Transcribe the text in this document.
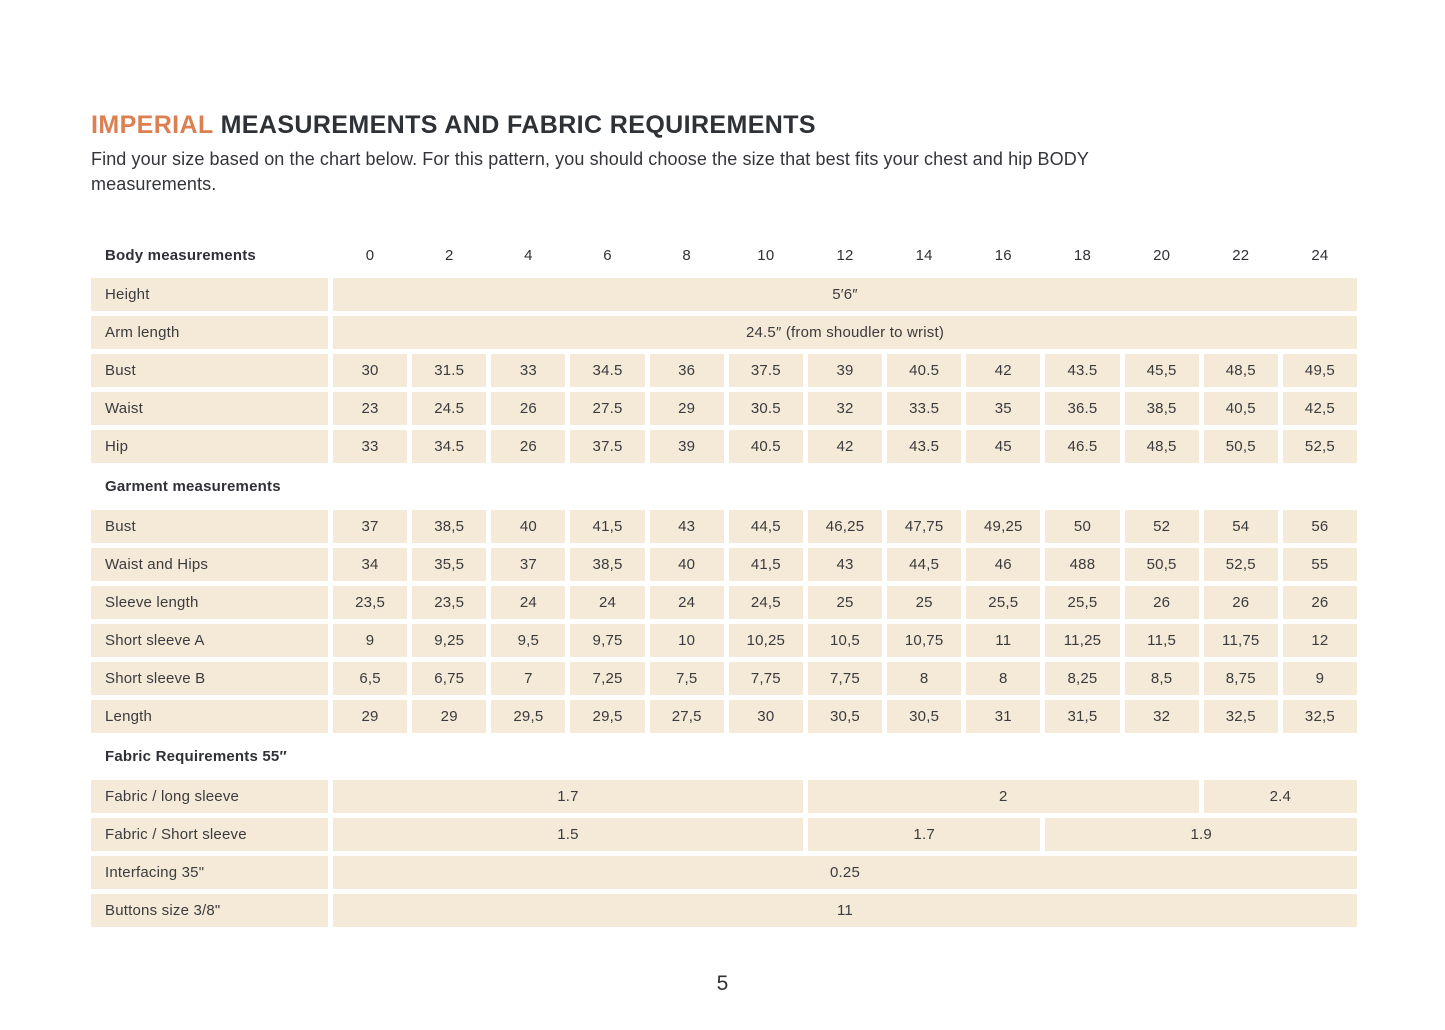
IMPERIAL MEASUREMENTS AND FABRIC REQUIREMENTS

Find your size based on the chart below. For this pattern, you should choose the size that best fits your chest and hip BODY
measurements.

Body measurements	0	2	4	6	8	10	12	14	16	18	20	22	24
Height	5′6″
Arm length	24.5″ (from shoudler to wrist)
Bust	30	31.5	33	34.5	36	37.5	39	40.5	42	43.5	45,5	48,5	49,5
Waist	23	24.5	26	27.5	29	30.5	32	33.5	35	36.5	38,5	40,5	42,5
Hip	33	34.5	26	37.5	39	40.5	42	43.5	45	46.5	48,5	50,5	52,5
Garment measurements
Bust	37	38,5	40	41,5	43	44,5	46,25	47,75	49,25	50	52	54	56
Waist and Hips	34	35,5	37	38,5	40	41,5	43	44,5	46	488	50,5	52,5	55
Sleeve length	23,5	23,5	24	24	24	24,5	25	25	25,5	25,5	26	26	26
Short sleeve A	9	9,25	9,5	9,75	10	10,25	10,5	10,75	11	11,25	11,5	11,75	12
Short sleeve B	6,5	6,75	7	7,25	7,5	7,75	7,75	8	8	8,25	8,5	8,75	9
Length	29	29	29,5	29,5	27,5	30	30,5	30,5	31	31,5	32	32,5	32,5
Fabric Requirements 55″
Fabric / long sleeve	1.7	2	2.4
Fabric / Short sleeve	1.5	1.7	1.9
Interfacing 35"	0.25
Buttons size 3/8"	11
5
